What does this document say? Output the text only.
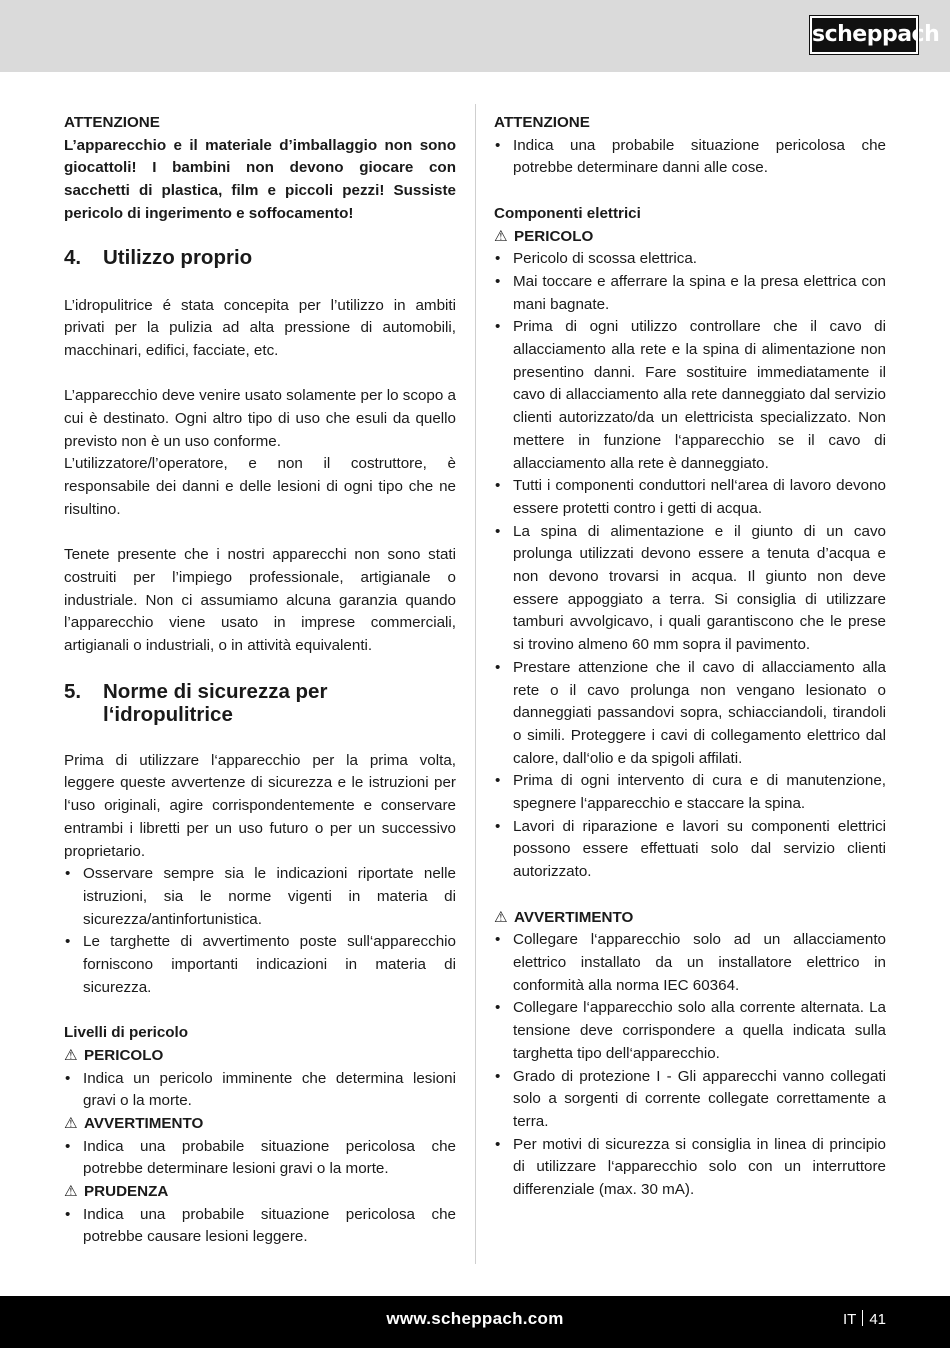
scheppach

ATTENZIONE

L’apparecchio e il materiale d’imballaggio non sono giocattoli! I bambini non devono giocare con sacchetti di plastica, film e piccoli pezzi! Sussiste pericolo di ingerimento e soffocamento!

4.	Utilizzo proprio

L’idropulitrice é stata concepita per l’utilizzo in ambiti privati per la pulizia ad alta pressione di automobili, macchinari, edifici, facciate, etc.

L’apparecchio deve venire usato solamente per lo scopo a cui è destinato. Ogni altro tipo di uso che esuli da quello previsto non è un uso conforme.

L’utilizzatore/l’operatore, e non il costruttore, è responsabile dei danni e delle lesioni di ogni tipo che ne risultino.

Tenete presente che i nostri apparecchi non sono stati costruiti per l’impiego professionale, artigianale o industriale. Non ci assumiamo alcuna garanzia quando l’apparecchio viene usato in imprese commerciali, artigianali o industriali, o in attività equivalenti.

5.	Norme di sicurezza per
l‘idropulitrice

Prima di utilizzare l‘apparecchio per la prima volta, leggere queste avvertenze di sicurezza e le istruzioni per l‘uso originali, agire corrispondentemente e conservare entrambi i libretti per un uso futuro o per un successivo proprietario.

• Osservare sempre sia le indicazioni riportate nelle istruzioni, sia le norme vigenti in materia di sicurezza/antinfortunistica.
• Le targhette di avvertimento poste sull‘apparecchio forniscono importanti indicazioni in materia di sicurezza.

Livelli di pericolo

⚠ PERICOLO

• Indica un pericolo imminente che determina lesioni gravi o la morte.

⚠ AVVERTIMENTO

• Indica una probabile situazione pericolosa che potrebbe determinare lesioni gravi o la morte.

⚠ PRUDENZA

• Indica una probabile situazione pericolosa che potrebbe causare lesioni leggere.

ATTENZIONE

• Indica una probabile situazione pericolosa che potrebbe determinare danni alle cose.

Componenti elettrici

⚠ PERICOLO

• Pericolo di scossa elettrica.
• Mai toccare e afferrare la spina e la presa elettrica con mani bagnate.
• Prima di ogni utilizzo controllare che il cavo di allacciamento alla rete e la spina di alimentazione non presentino danni. Fare sostituire immediatamente il cavo di allacciamento alla rete danneggiato dal servizio clienti autorizzato/da un elettricista specializzato. Non mettere in funzione l‘apparecchio se il cavo di allacciamento alla rete è danneggiato.
• Tutti i componenti conduttori nell‘area di lavoro devono essere protetti contro i getti di acqua.
• La spina di alimentazione e il giunto di un cavo prolunga utilizzati devono essere a tenuta d’acqua e non devono trovarsi in acqua. Il giunto non deve essere appoggiato a terra. Si consiglia di utilizzare tamburi avvolgicavo, i quali garantiscono che le prese si trovino almeno 60 mm sopra il pavimento.
• Prestare attenzione che il cavo di allacciamento alla rete o il cavo prolunga non vengano lesionato o danneggiati passandovi sopra, schiacciandoli, tirandoli o simili. Proteggere i cavi di collegamento elettrico dal calore, dall‘olio e da spigoli affilati.
• Prima di ogni intervento di cura e di manutenzione, spegnere l‘apparecchio e staccare la spina.
• Lavori di riparazione e lavori su componenti elettrici possono essere effettuati solo dal servizio clienti autorizzato.

⚠ AVVERTIMENTO

• Collegare l‘apparecchio solo ad un allacciamento elettrico installato da un installatore elettrico in conformità alla norma IEC 60364.
• Collegare l‘apparecchio solo alla corrente alternata. La tensione deve corrispondere a quella indicata sulla targhetta tipo dell‘apparecchio.
• Grado di protezione I - Gli apparecchi vanno collegati solo a sorgenti di corrente collegate correttamente a terra.
• Per motivi di sicurezza si consiglia in linea di principio di utilizzare l‘apparecchio solo con un interruttore differenziale (max. 30 mA).
www.scheppach.com	IT 41
